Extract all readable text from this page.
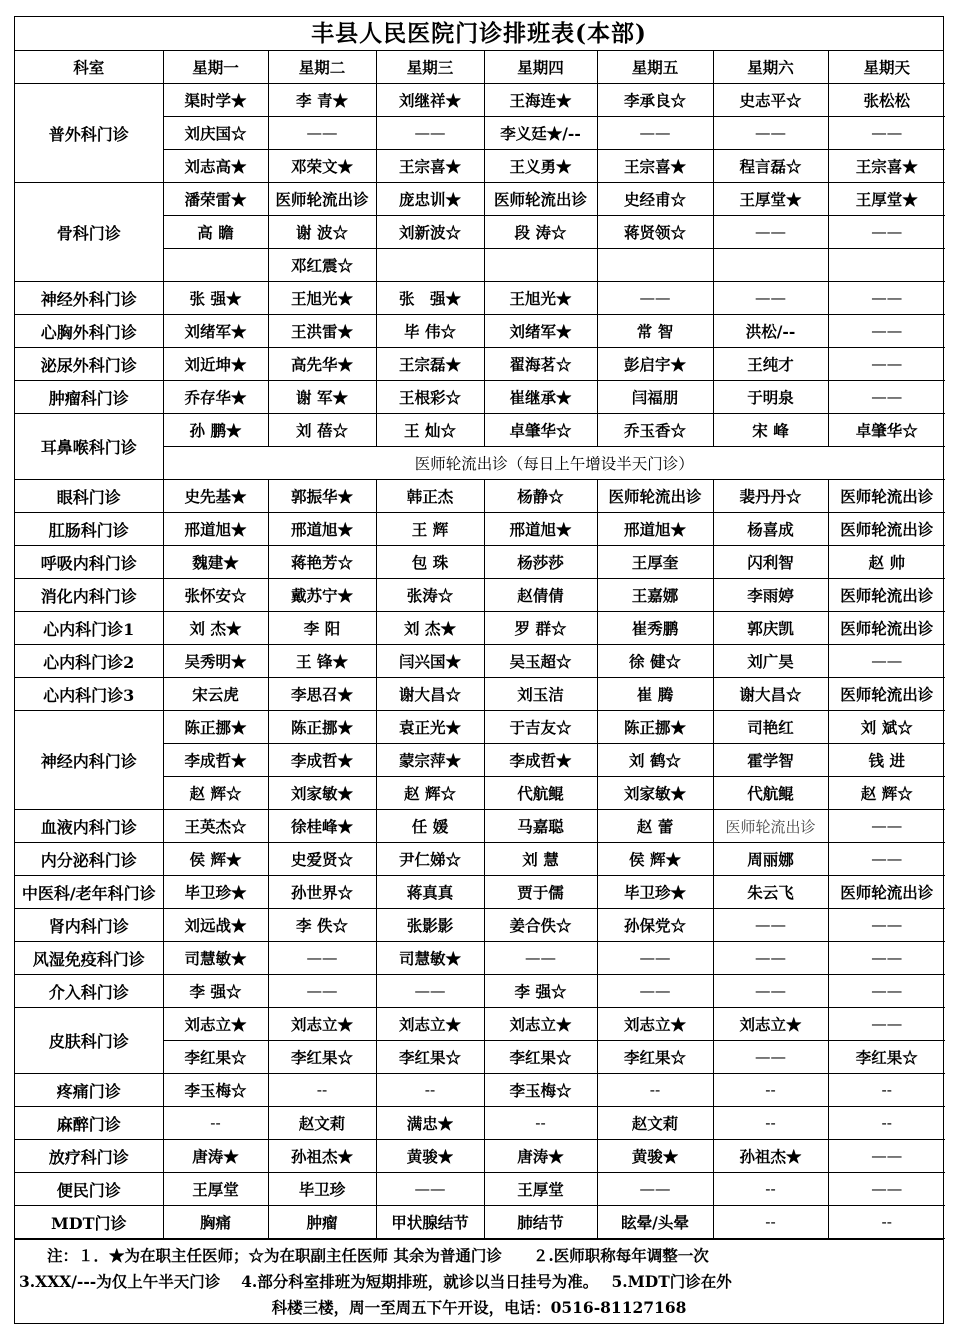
丰县人民医院门诊排班表(本部)
科室	星期一	星期二	星期三	星期四	星期五	星期六	星期天
普外科门诊	渠时学★	李 青★	刘继祥★	王海连★	李承良☆	史志平☆	张松松
	刘庆国☆	——	——	李义廷★/--	——	——	——
	刘志高★	邓荣文★	王宗喜★	王义勇★	王宗喜★	程言磊☆	王宗喜★
骨科门诊	潘荣雷★	医师轮流出诊	庞忠训★	医师轮流出诊	史经甫☆	王厚堂★	王厚堂★
	高 瞻	谢 波☆	刘新波☆	段 涛☆	蒋贤领☆	——	——
		邓红震☆					
神经外科门诊	张 强★	王旭光★	张　强★	王旭光★	——	——	——
心胸外科门诊	刘绪军★	王洪雷★	毕 伟☆	刘绪军★	常 智	洪松/--	——
泌尿外科门诊	刘近坤★	高先华★	王宗磊★	翟海茗☆	彭启宇★	王纯才	——
肿瘤科门诊	乔存华★	谢 军★	王根彩☆	崔继承★	闫福朋	于明泉	——
耳鼻喉科门诊	孙 鹏★	刘 蓓☆	王 灿☆	卓肇华☆	乔玉香☆	宋 峰	卓肇华☆
	医师轮流出诊（每日上午增设半天门诊）						
眼科门诊	史先基★	郭振华★	韩正杰	杨静☆	医师轮流出诊	裴丹丹☆	医师轮流出诊
肛肠科门诊	邢道旭★	邢道旭★	王 辉	邢道旭★	邢道旭★	杨喜成	医师轮流出诊
呼吸内科门诊	魏建★	蒋艳芳☆	包 珠	杨莎莎	王厚奎	闪利智	赵 帅
消化内科门诊	张怀安☆	戴苏宁★	张涛☆	赵倩倩	王嘉娜	李雨婷	医师轮流出诊
心内科门诊1	刘 杰★	李 阳	刘 杰★	罗 群☆	崔秀鹏	郭庆凯	医师轮流出诊
心内科门诊2	吴秀明★	王 锋★	闫兴国★	吴玉超☆	徐 健☆	刘广昊	——
心内科门诊3	宋云虎	李思召★	谢大昌☆	刘玉洁	崔 腾	谢大昌☆	医师轮流出诊
神经内科门诊	陈正挪★	陈正挪★	袁正光★	于吉友☆	陈正挪★	司艳红	刘 斌☆
	李成哲★	李成哲★	蒙宗萍★	李成哲★	刘 鹤☆	霍学智	钱 进
	赵 辉☆	刘家敏★	赵 辉☆	代航鲲	刘家敏★	代航鲲	赵 辉☆
血液内科门诊	王英杰☆	徐桂峰★	任 媛	马嘉聪	赵 蕾	医师轮流出诊	——
内分泌科门诊	侯 辉★	史爱贤☆	尹仁娣☆	刘 慧	侯 辉★	周丽娜	——
中医科/老年科门诊	毕卫珍★	孙世界☆	蒋真真	贾于儒	毕卫珍★	朱云飞	医师轮流出诊
肾内科门诊	刘远战★	李 佚☆	张影影	姜合佚☆	孙保党☆	——	——
风湿免疫科门诊	司慧敏★	——	司慧敏★	——	——	——	——
介入科门诊	李 强☆	——	——	李 强☆	——	——	——
皮肤科门诊	刘志立★	刘志立★	刘志立★	刘志立★	刘志立★	刘志立★	——
	李红果☆	李红果☆	李红果☆	李红果☆	李红果☆	——	李红果☆
疼痛门诊	李玉梅☆	--	--	李玉梅☆	--	--	--
麻醉门诊	--	赵文莉	满忠★	--	赵文莉	--	--
放疗科门诊	唐涛★	孙祖杰★	黄骏★	唐涛★	黄骏★	孙祖杰★	——
便民门诊	王厚堂	毕卫珍	——	王厚堂	——	--	——
MDT门诊	胸痛	肿瘤	甲状腺结节	肺结节	眩晕/头晕	--	--
注：１．★为在职主任医师；☆为在职副主任医师 其余为普通门诊　　２.医师职称每年调整一次
3.XXX/---为仅上午半天门诊　 4.部分科室排班为短期排班，就诊以当日挂号为准。　 5.MDT门诊在外
科楼三楼，周一至周五下午开设，电话：0516-81127168
